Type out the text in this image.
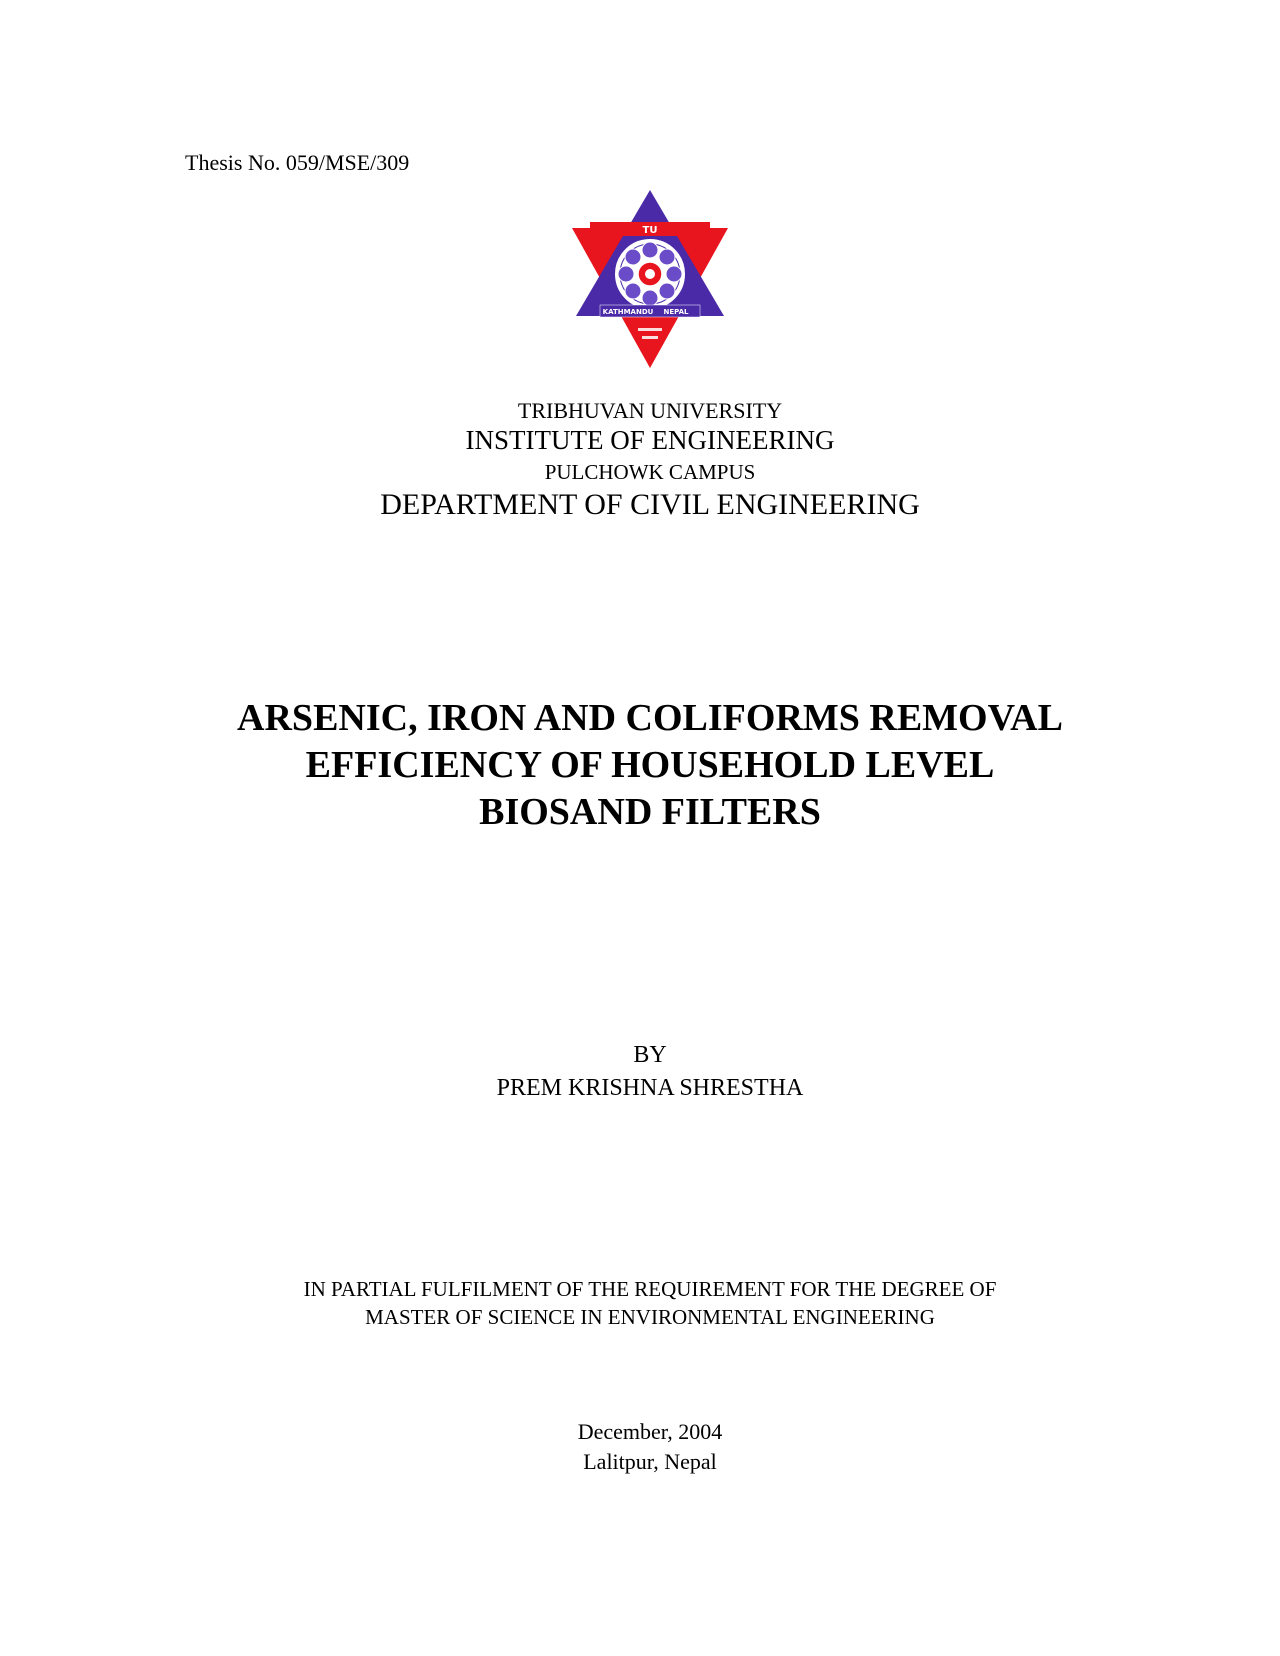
Thesis No. 059/MSE/309
TU
KATHMANDU NEPAL
TRIBHUVAN UNIVERSITY
INSTITUTE OF ENGINEERING
PULCHOWK CAMPUS
DEPARTMENT OF CIVIL ENGINEERING
ARSENIC, IRON AND COLIFORMS REMOVAL
EFFICIENCY OF HOUSEHOLD LEVEL
BIOSAND FILTERS
BY
PREM KRISHNA SHRESTHA
IN PARTIAL FULFILMENT OF THE REQUIREMENT FOR THE DEGREE OF
MASTER OF SCIENCE IN ENVIRONMENTAL ENGINEERING
December, 2004
Lalitpur, Nepal
